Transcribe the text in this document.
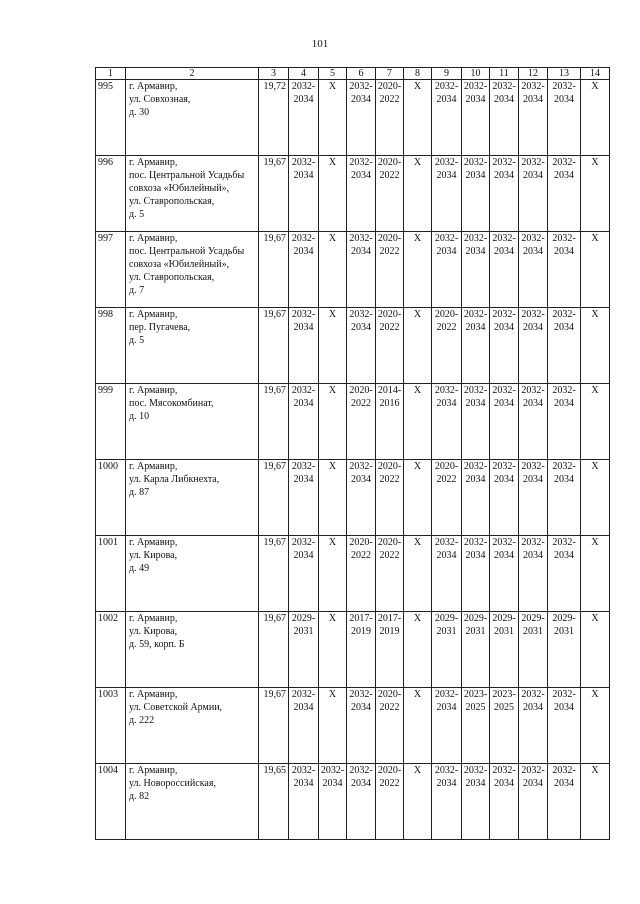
101
1	2	3	4	5	6	7	8	9	10	11	12	13	14
995	г. Армавир,
ул. Совхозная,
д. 30	19,72	2032-
2034	Х	2032-
2034	2020-
2022	Х	2032-
2034	2032-
2034	2032-
2034	2032-
2034	2032-
2034	Х

996	г. Армавир,
пос. Центральной Усадьбы
совхоза «Юбилейный»,
ул. Ставропольская,
д. 5	19,67	2032-
2034	Х	2032-
2034	2020-
2022	Х	2032-
2034	2032-
2034	2032-
2034	2032-
2034	2032-
2034	Х

997	г. Армавир,
пос. Центральной Усадьбы
совхоза «Юбилейный»,
ул. Ставропольская,
д. 7	19,67	2032-
2034	Х	2032-
2034	2020-
2022	Х	2032-
2034	2032-
2034	2032-
2034	2032-
2034	2032-
2034	Х

998	г. Армавир,
пер. Пугачева,
д. 5	19,67	2032-
2034	Х	2032-
2034	2020-
2022	Х	2020-
2022	2032-
2034	2032-
2034	2032-
2034	2032-
2034	Х

999	г. Армавир,
пос. Мясокомбинат,
д. 10	19,67	2032-
2034	Х	2020-
2022	2014-
2016	Х	2032-
2034	2032-
2034	2032-
2034	2032-
2034	2032-
2034	Х

1000	г. Армавир,
ул. Карла Либкнехта,
д. 87	19,67	2032-
2034	Х	2032-
2034	2020-
2022	Х	2020-
2022	2032-
2034	2032-
2034	2032-
2034	2032-
2034	Х

1001	г. Армавир,
ул. Кирова,
д. 49	19,67	2032-
2034	Х	2020-
2022	2020-
2022	Х	2032-
2034	2032-
2034	2032-
2034	2032-
2034	2032-
2034	Х

1002	г. Армавир,
ул. Кирова,
д. 59, корп. Б	19,67	2029-
2031	Х	2017-
2019	2017-
2019	Х	2029-
2031	2029-
2031	2029-
2031	2029-
2031	2029-
2031	Х

1003	г. Армавир,
ул. Советской Армии,
д. 222	19,67	2032-
2034	Х	2032-
2034	2020-
2022	Х	2032-
2034	2023-
2025	2023-
2025	2032-
2034	2032-
2034	Х

1004	г. Армавир,
ул. Новороссийская,
д. 82	19,65	2032-
2034	2032-
2034	2032-
2034	2020-
2022	Х	2032-
2034	2032-
2034	2032-
2034	2032-
2034	2032-
2034	Х
